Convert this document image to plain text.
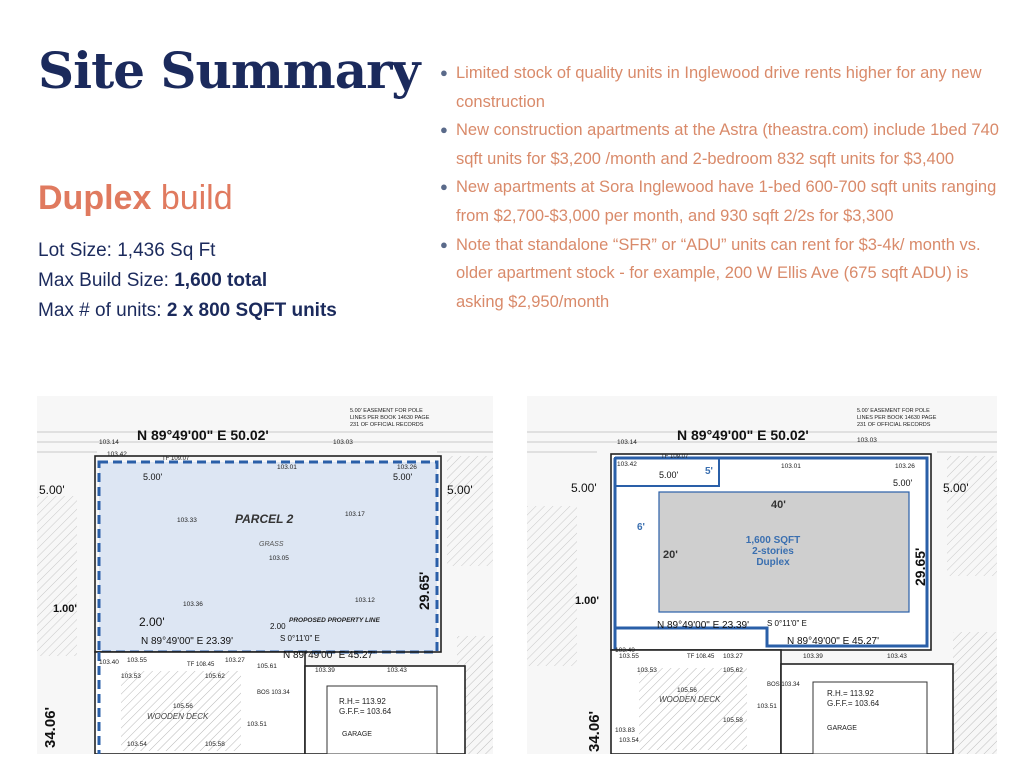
Site Summary
Duplex build
Lot Size: 1,436 Sq Ft
Max Build Size: 1,600 total
Max # of units: 2 x 800 SQFT units
● Limited stock of quality units in Inglewood drive rents higher for any new construction
● New construction apartments at the Astra (theastra.com) include 1bed 740 sqft units for $3,200 /month and 2-bedroom 832 sqft units for $3,400
● New apartments at Sora Inglewood have 1-bed 600-700 sqft units ranging from $2,700-$3,000 per month, and 930 sqft 2/2s for $3,300
● Note that standalone “SFR” or “ADU” units can rent for $3-4k/ month vs. older apartment stock - for example, 200 W Ellis Ave (675 sqft ADU) is asking $2,950/month
N 89°49'00" E 50.02'
5.00' EASEMENT FOR POLE
LINES PER BOOK 14630 PAGE
231 OF OFFICIAL RECORDS
5.00'	5.00'
5.00'	5.00'
1.00'
2.00'
PARCEL 2
GRASS
29.65'
N 89°49'00" E 23.39'	S 0°11'0" E
2.00
PROPOSED PROPERTY LINE
N 89°49'00" E 45.27'
WOODEN DECK
R.H.= 113.92
G.F.F.= 103.64
GARAGE
BOS 103.34
TF 109.07
TF 108.45
34.06'
103.14
103.42
103.01
103.03
103.26
103.33
103.17
103.05
103.36
103.12
103.55	103.27
103.53	105.62
105.56
105.58
103.51
103.54
103.39	103.43
103.40
105.61
1,600 SQFT
2-stories
Duplex
40'
20'
5'
6'
N 89°49'00" E 50.02'
5.00' EASEMENT FOR POLE
LINES PER BOOK 14630 PAGE
231 OF OFFICIAL RECORDS
5.00'	5.00'
5.00'
5.00'
1.00'
29.65'
N 89°49'00" E 23.39' S 0°11'0" E
N 89°49'00" E 45.27'
WOODEN DECK
R.H.= 113.92
G.F.F.= 103.64
GARAGE
BOS 103.34
TF 109.07
TF 108.45
34.06'
103.14
103.42	103.01
103.03
103.26
103.55	103.27
103.53	105.62
105.56
105.58
103.51
103.54
103.39	103.43
103.40
103.83
